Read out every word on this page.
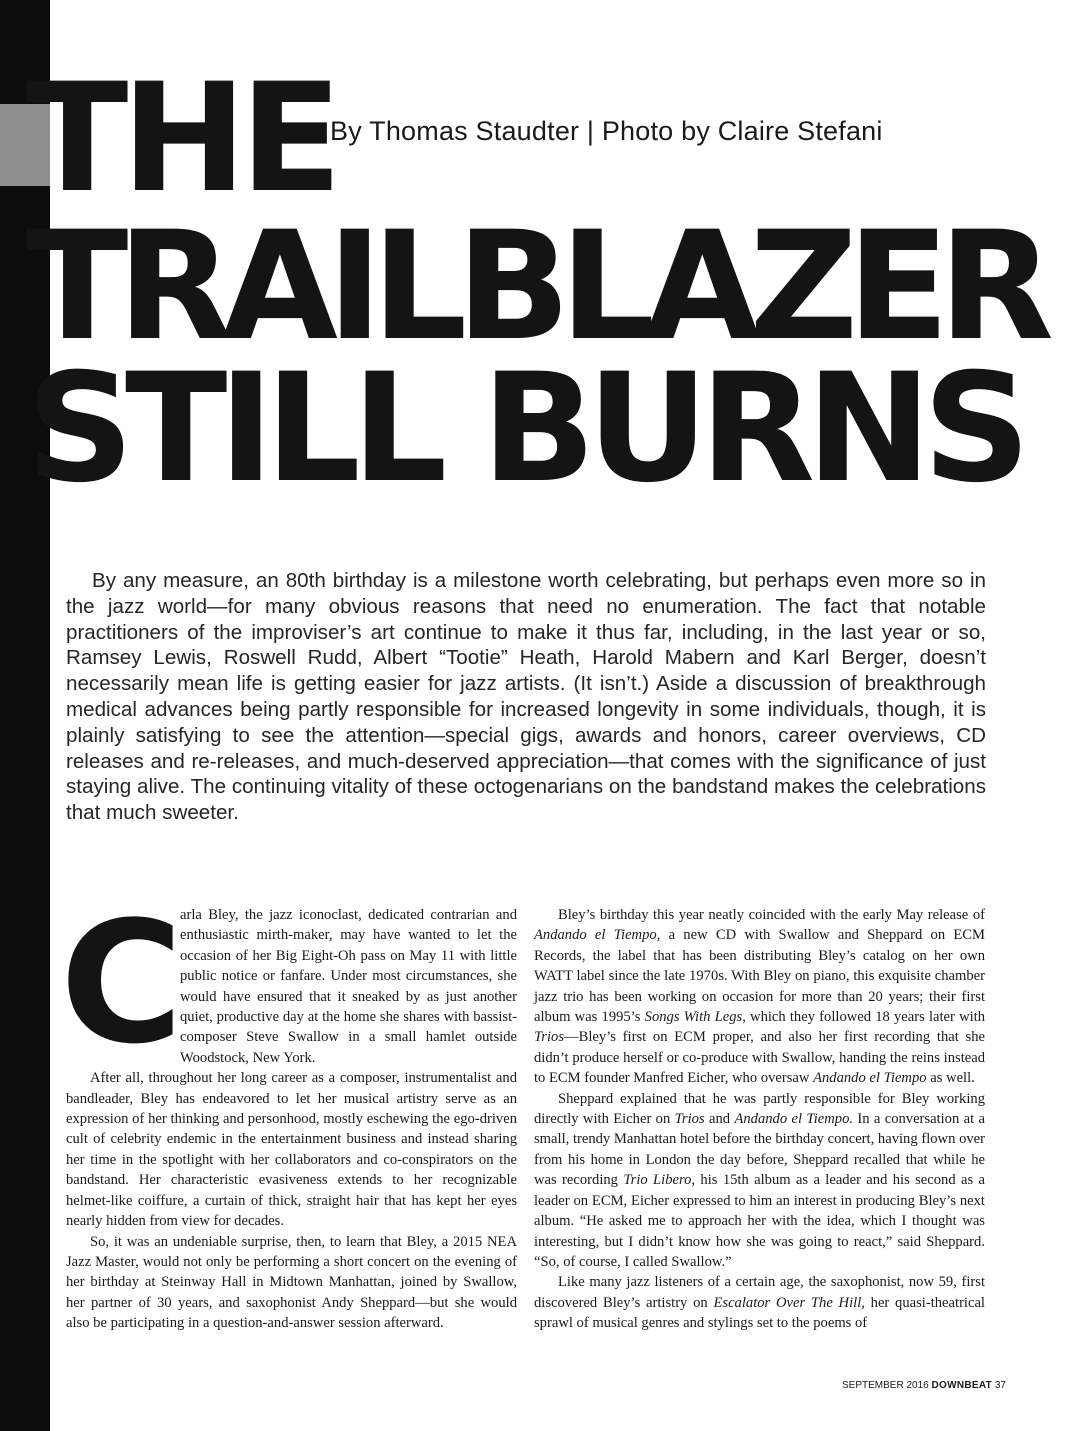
THE
By Thomas Staudter | Photo by Claire Stefani
TRAILBLAZER
STILL BURNS

By any measure, an 80th birthday is a milestone worth celebrating, but perhaps even more so in the jazz world—for many obvious reasons that need no enumeration. The fact that notable practitioners of the improviser’s art continue to make it thus far, including, in the last year or so, Ramsey Lewis, Roswell Rudd, Albert “Tootie” Heath, Harold Mabern and Karl Berger, doesn’t necessarily mean life is getting easier for jazz artists. (It isn’t.) Aside a discussion of breakthrough medical advances being partly responsible for increased longevity in some individuals, though, it is plainly satisfying to see the attention—special gigs, awards and honors, career overviews, CD releases and re-releases, and much-deserved appreciation—that comes with the significance of just staying alive. The continuing vitality of these octogenarians on the bandstand makes the celebrations that much sweeter.

C
arla Bley, the jazz iconoclast, dedicated contrarian and enthusiastic mirth-maker, may have wanted to let the occasion of her Big Eight-Oh pass on May 11 with little public notice or fanfare. Under most circumstances, she would have ensured that it sneaked by as just another quiet, productive day at the home she shares with bassist-composer Steve Swallow in a small hamlet outside Woodstock, New York.

After all, throughout her long career as a composer, instrumentalist and bandleader, Bley has endeavored to let her musical artistry serve as an expression of her thinking and personhood, mostly eschewing the ego-driven cult of celebrity endemic in the entertainment business and instead sharing her time in the spotlight with her collaborators and co-conspirators on the bandstand. Her characteristic evasiveness extends to her recognizable helmet-like coiffure, a curtain of thick, straight hair that has kept her eyes nearly hidden from view for decades.

So, it was an undeniable surprise, then, to learn that Bley, a 2015 NEA Jazz Master, would not only be performing a short concert on the evening of her birthday at Steinway Hall in Midtown Manhattan, joined by Swallow, her partner of 30 years, and saxophonist Andy Sheppard—but she would also be participating in a question-and-answer session afterward.

Bley’s birthday this year neatly coincided with the early May release of Andando el Tiempo, a new CD with Swallow and Sheppard on ECM Records, the label that has been distributing Bley’s catalog on her own WATT label since the late 1970s. With Bley on piano, this exquisite chamber jazz trio has been working on occasion for more than 20 years; their first album was 1995’s Songs With Legs, which they followed 18 years later with Trios—Bley’s first on ECM proper, and also her first recording that she didn’t produce herself or co-produce with Swallow, handing the reins instead to ECM founder Manfred Eicher, who oversaw Andando el Tiempo as well.

Sheppard explained that he was partly responsible for Bley working directly with Eicher on Trios and Andando el Tiempo. In a conversation at a small, trendy Manhattan hotel before the birthday concert, having flown over from his home in London the day before, Sheppard recalled that while he was recording Trio Libero, his 15th album as a leader and his second as a leader on ECM, Eicher expressed to him an interest in producing Bley’s next album. “He asked me to approach her with the idea, which I thought was interesting, but I didn’t know how she was going to react,” said Sheppard. “So, of course, I called Swallow.”

Like many jazz listeners of a certain age, the saxophonist, now 59, first discovered Bley’s artistry on Escalator Over The Hill, her quasi-theatrical sprawl of musical genres and stylings set to the poems of

SEPTEMBER 2016 DOWNBEAT 37
